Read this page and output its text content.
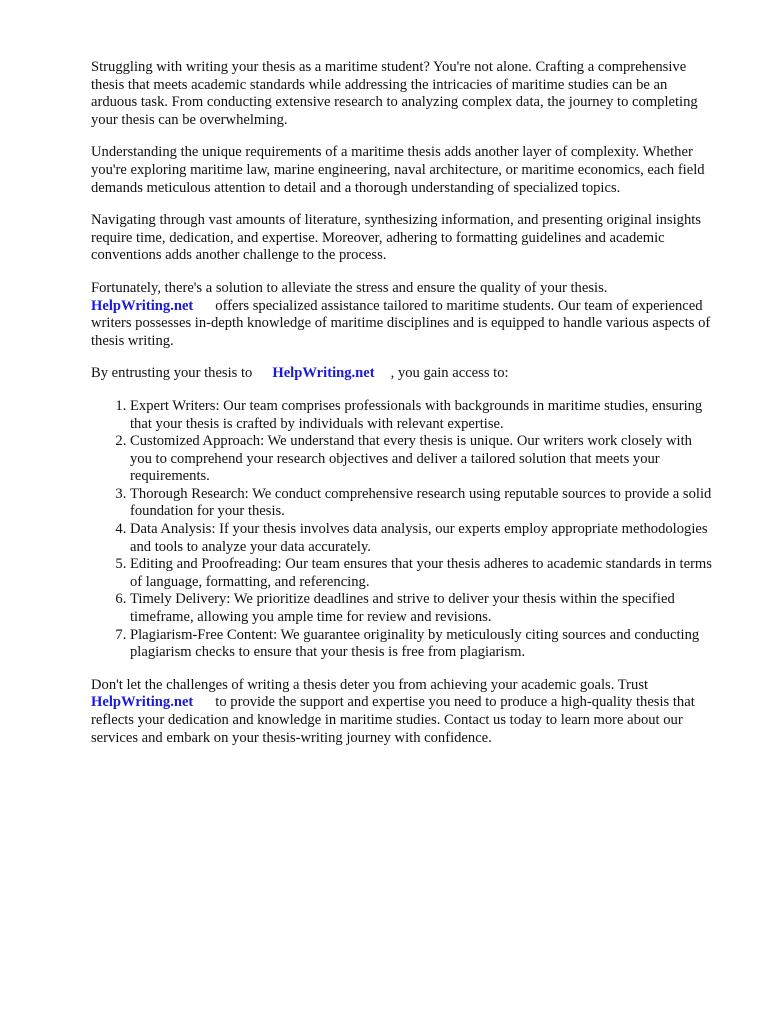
Struggling with writing your thesis as a maritime student? You're not alone. Crafting a comprehensive thesis that meets academic standards while addressing the intricacies of maritime studies can be an arduous task. From conducting extensive research to analyzing complex data, the journey to completing your thesis can be overwhelming.

Understanding the unique requirements of a maritime thesis adds another layer of complexity. Whether you're exploring maritime law, marine engineering, naval architecture, or maritime economics, each field demands meticulous attention to detail and a thorough understanding of specialized topics.

Navigating through vast amounts of literature, synthesizing information, and presenting original insights require time, dedication, and expertise. Moreover, adhering to formatting guidelines and academic conventions adds another challenge to the process.

Fortunately, there's a solution to alleviate the stress and ensure the quality of your thesis.
HelpWriting.net offers specialized assistance tailored to maritime students. Our team of experienced writers possesses in-depth knowledge of maritime disciplines and is equipped to handle various aspects of thesis writing.

By entrusting your thesis to HelpWriting.net , you gain access to:

1. Expert Writers: Our team comprises professionals with backgrounds in maritime studies, ensuring that your thesis is crafted by individuals with relevant expertise.
2. Customized Approach: We understand that every thesis is unique. Our writers work closely with you to comprehend your research objectives and deliver a tailored solution that meets your requirements.
3. Thorough Research: We conduct comprehensive research using reputable sources to provide a solid foundation for your thesis.
4. Data Analysis: If your thesis involves data analysis, our experts employ appropriate methodologies and tools to analyze your data accurately.
5. Editing and Proofreading: Our team ensures that your thesis adheres to academic standards in terms of language, formatting, and referencing.
6. Timely Delivery: We prioritize deadlines and strive to deliver your thesis within the specified timeframe, allowing you ample time for review and revisions.
7. Plagiarism-Free Content: We guarantee originality by meticulously citing sources and conducting plagiarism checks to ensure that your thesis is free from plagiarism.

Don't let the challenges of writing a thesis deter you from achieving your academic goals. Trust
HelpWriting.net to provide the support and expertise you need to produce a high-quality thesis that reflects your dedication and knowledge in maritime studies. Contact us today to learn more about our services and embark on your thesis-writing journey with confidence.
